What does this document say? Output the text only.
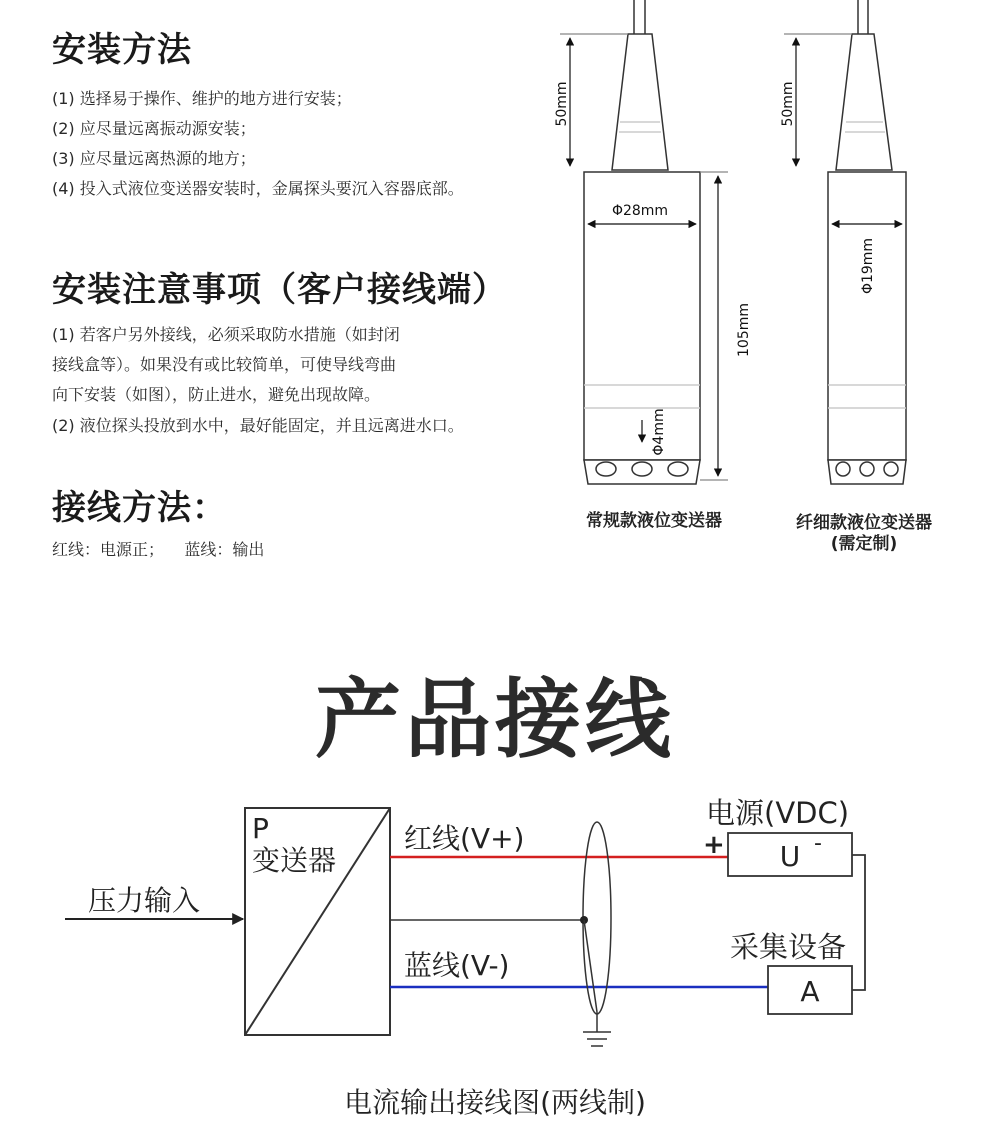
安装方法
(1) 选择易于操作、维护的地方进行安装；
(2) 应尽量远离振动源安装；
(3) 应尽量远离热源的地方；
(4) 投入式液位变送器安装时，金属探头要沉入容器底部。
安装注意事项（客户接线端）
(1) 若客户另外接线，必须采取防水措施（如封闭
接线盒等）。如果没有或比较简单，可使导线弯曲
向下安装（如图），防止进水，避免出现故障。
(2) 液位探头投放到水中，最好能固定，并且远离进水口。
接线方法：
红线：电源正；    蓝线：输出
50mm
Φ28mm
105mm
Φ4mm
50mm
Φ19mm
常规款液位变送器	纤细款液位变送器
(需定制)
产品接线
P
变送器
压力输入
红线(V+)
蓝线(V-)
电源(VDC)
+ U -
采集设备
A
电流输出接线图(两线制)
